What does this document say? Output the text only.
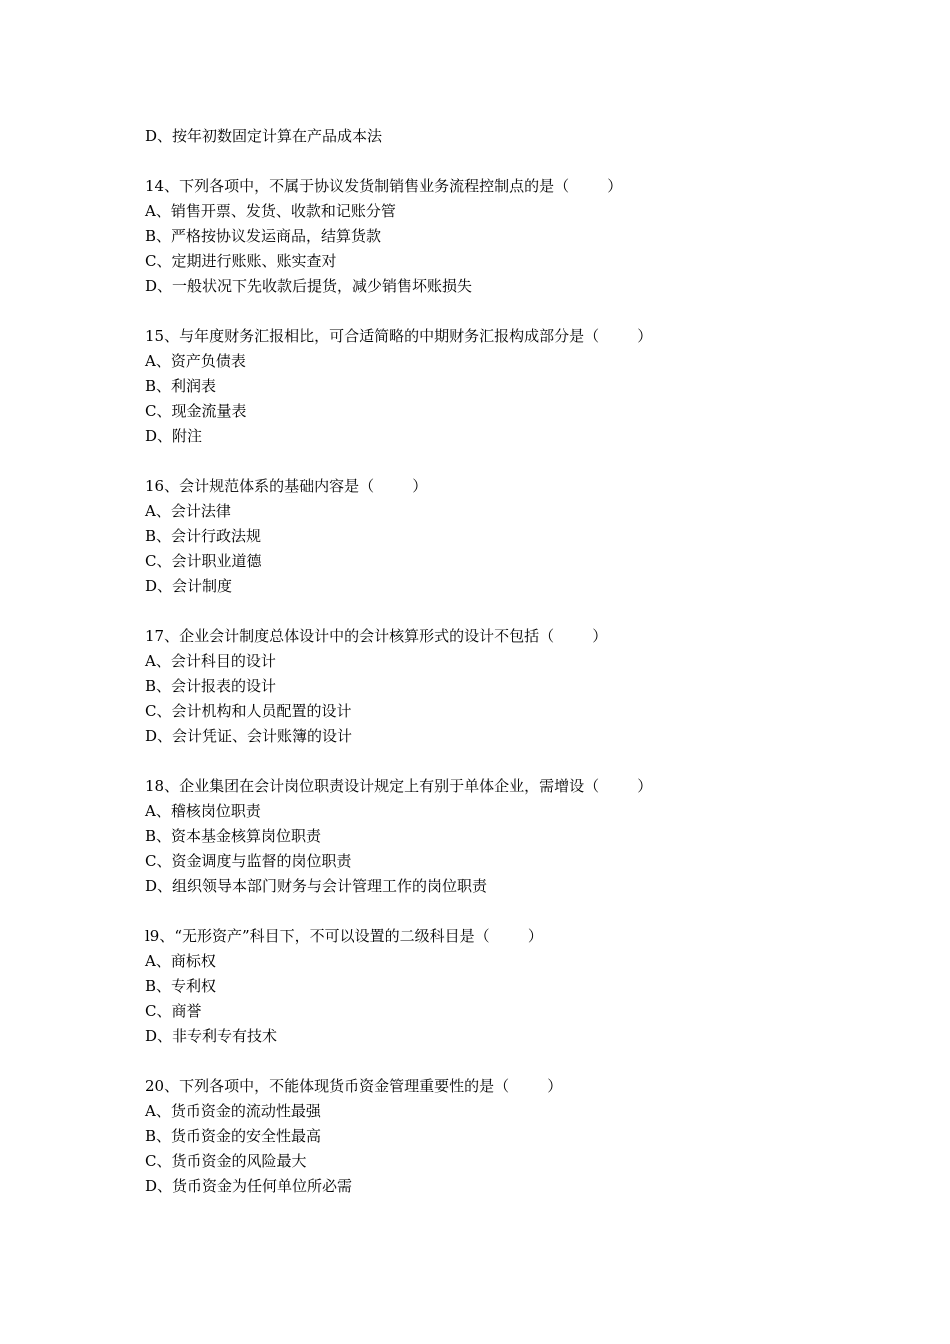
D、按年初数固定计算在产品成本法
14、下列各项中，不属于协议发货制销售业务流程控制点的是（        ）
A、销售开票、发货、收款和记账分管
B、严格按协议发运商品，结算货款
C、定期进行账账、账实查对
D、一般状况下先收款后提货，减少销售坏账损失
15、与年度财务汇报相比，可合适简略的中期财务汇报构成部分是（        ）
A、资产负债表
B、利润表
C、现金流量表
D、附注
16、会计规范体系的基础内容是（        ）
A、会计法律
B、会计行政法规
C、会计职业道德
D、会计制度
17、企业会计制度总体设计中的会计核算形式的设计不包括（        ）
A、会计科目的设计
B、会计报表的设计
C、会计机构和人员配置的设计
D、会计凭证、会计账簿的设计
18、企业集团在会计岗位职责设计规定上有别于单体企业，需增设（        ）
A、稽核岗位职责
B、资本基金核算岗位职责
C、资金调度与监督的岗位职责
D、组织领导本部门财务与会计管理工作的岗位职责
l9、“无形资产”科目下，不可以设置的二级科目是（        ）
A、商标权
B、专利权
C、商誉
D、非专利专有技术
20、下列各项中，不能体现货币资金管理重要性的是（        ）
A、货币资金的流动性最强
B、货币资金的安全性最高
C、货币资金的风险最大
D、货币资金为任何单位所必需
